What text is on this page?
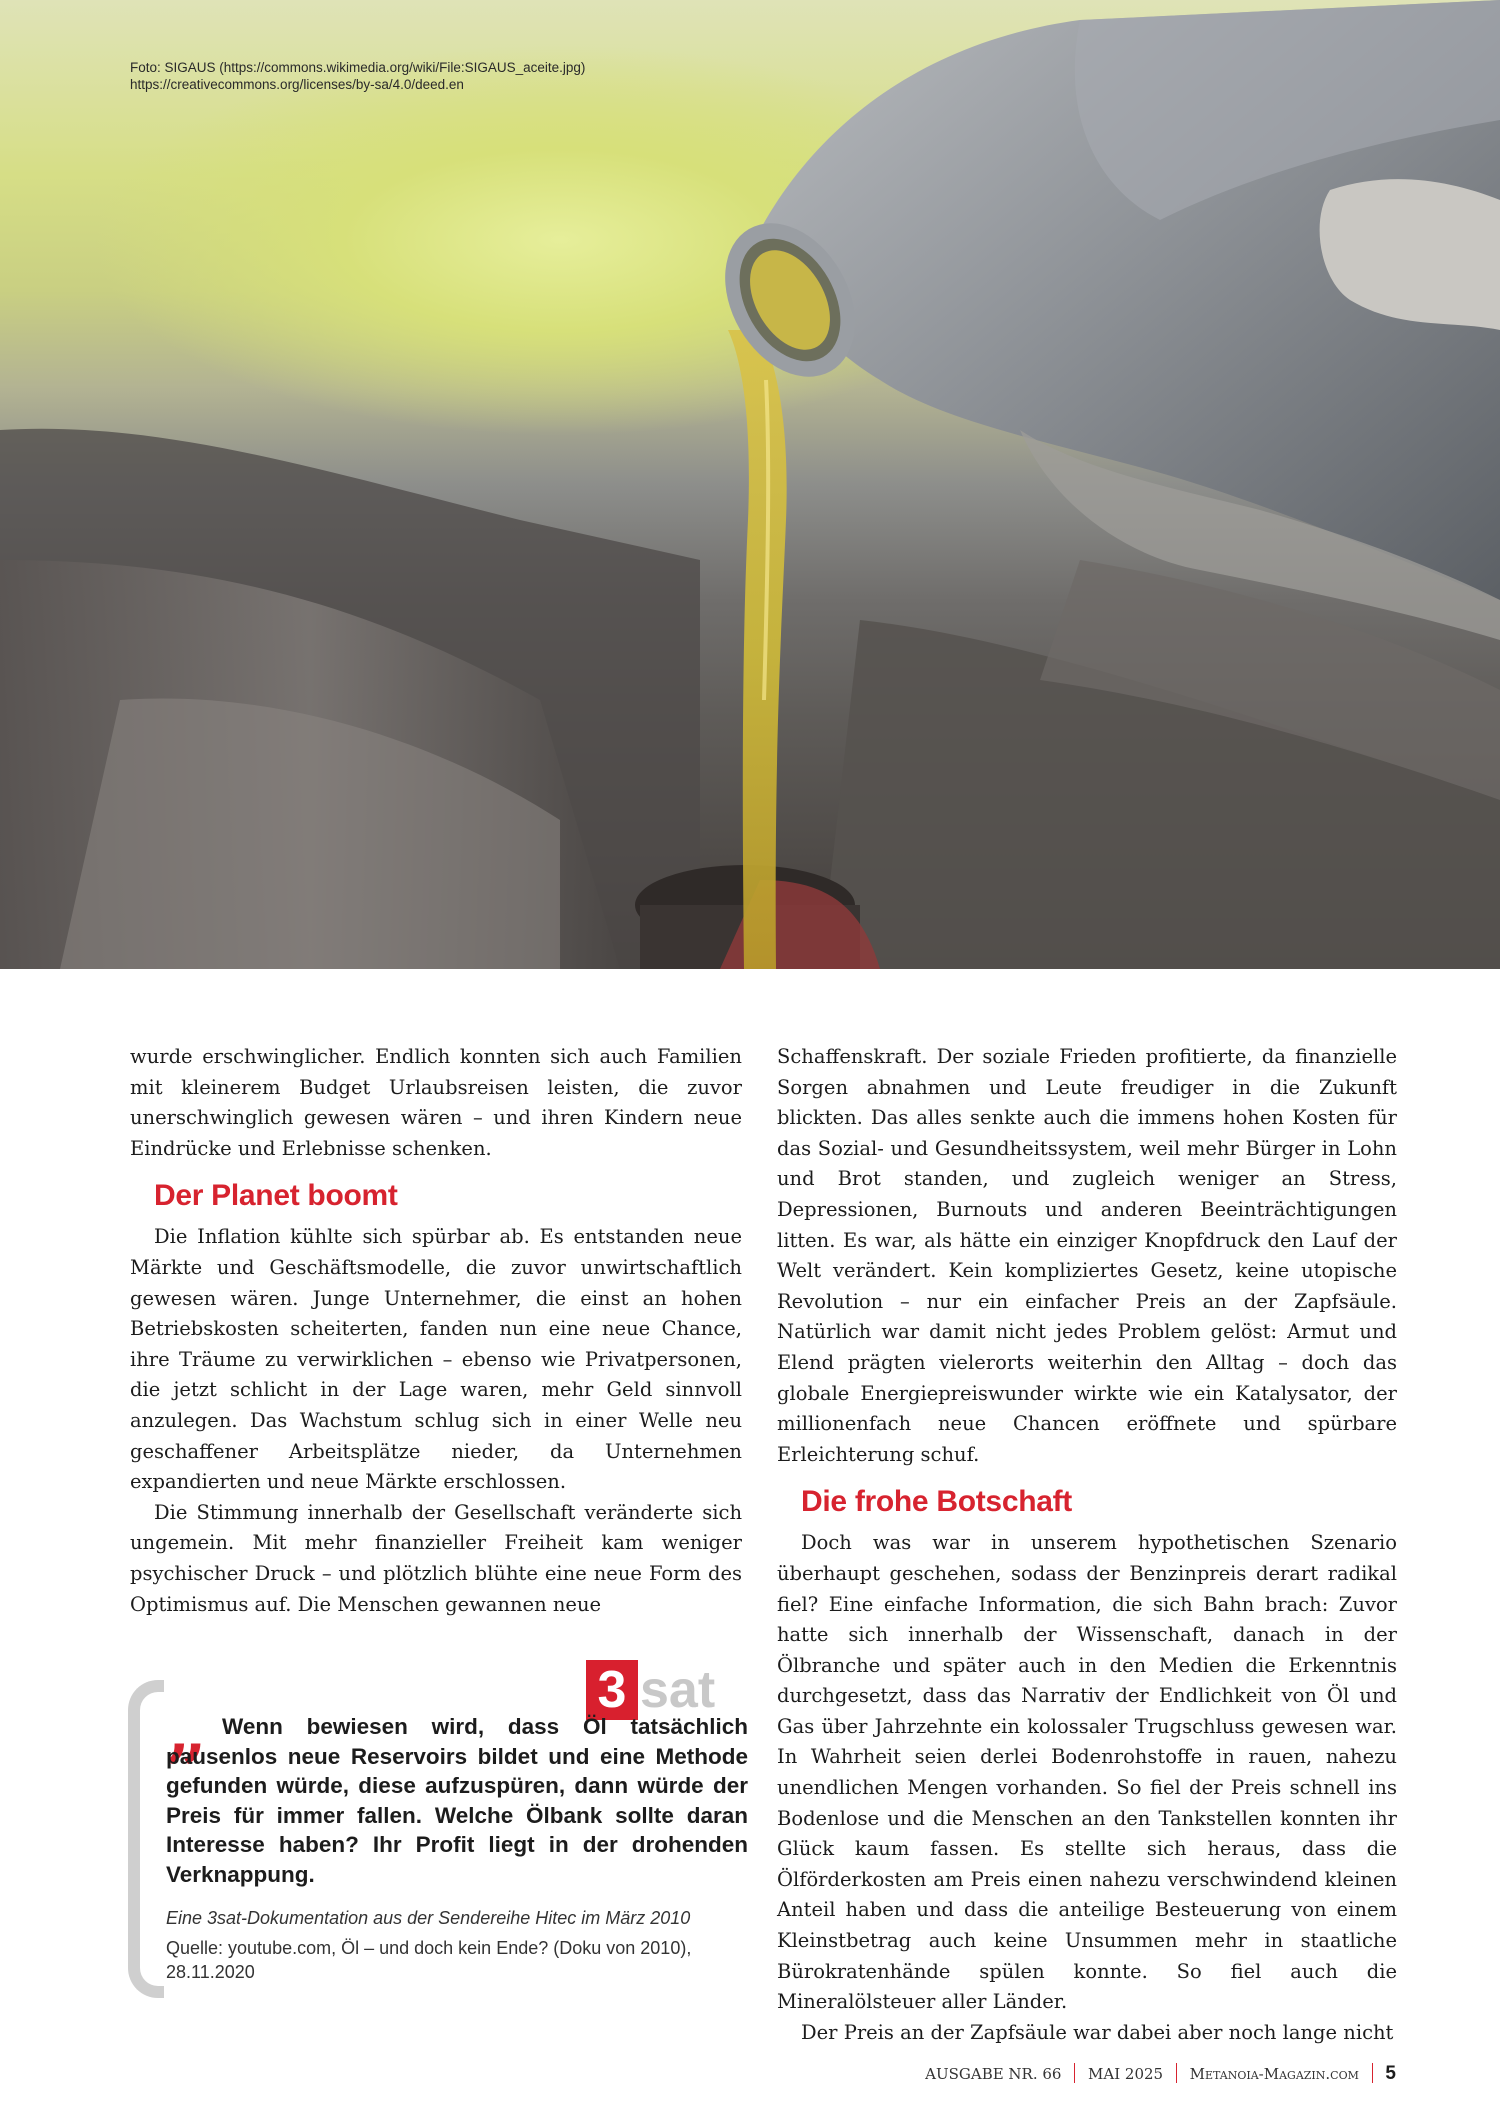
Foto: SIGAUS (https://commons.wikimedia.org/wiki/File:SIGAUS_aceite.jpg)
https://creativecommons.org/licenses/by-sa/4.0/deed.en

wurde erschwinglicher. Endlich konnten sich auch Familien mit kleinerem Budget Urlaubsreisen leisten, die zuvor unerschwinglich gewesen wären – und ihren Kindern neue Eindrücke und Erlebnisse schenken.

Der Planet boomt

Die Inflation kühlte sich spürbar ab. Es entstanden neue Märkte und Geschäftsmodelle, die zuvor unwirtschaftlich gewesen wären. Junge Unternehmer, die einst an hohen Betriebskosten scheiterten, fanden nun eine neue Chance, ihre Träume zu verwirklichen – ebenso wie Privatpersonen, die jetzt schlicht in der Lage waren, mehr Geld sinnvoll anzulegen. Das Wachstum schlug sich in einer Welle neu geschaffener Arbeitsplätze nieder, da Unternehmen expandierten und neue Märkte erschlossen.

Die Stimmung innerhalb der Gesellschaft veränderte sich ungemein. Mit mehr finanzieller Freiheit kam weniger psychischer Druck – und plötzlich blühte eine neue Form des Optimismus auf. Die Menschen gewannen neue

3 sat
„ Wenn bewiesen wird, dass Öl tatsächlich pausenlos neue Reservoirs bildet und eine Methode gefunden würde, diese aufzuspüren, dann würde der Preis für immer fallen. Welche Ölbank sollte daran Interesse haben? Ihr Profit liegt in der drohenden Verknappung.

Eine 3sat-Dokumentation aus der Sendereihe Hitec im März 2010
Quelle: youtube.com, Öl – und doch kein Ende? (Doku von 2010), 28.11.2020

Schaffenskraft. Der soziale Frieden profitierte, da finanzielle Sorgen abnahmen und Leute freudiger in die Zukunft blickten. Das alles senkte auch die immens hohen Kosten für das Sozial- und Gesundheitssystem, weil mehr Bürger in Lohn und Brot standen, und zugleich weniger an Stress, Depressionen, Burnouts und anderen Beeinträchtigungen litten. Es war, als hätte ein einziger Knopfdruck den Lauf der Welt verändert. Kein kompliziertes Gesetz, keine utopische Revolution – nur ein einfacher Preis an der Zapfsäule. Natürlich war damit nicht jedes Problem gelöst: Armut und Elend prägten vielerorts weiterhin den Alltag – doch das globale Energiepreiswunder wirkte wie ein Katalysator, der millionenfach neue Chancen eröffnete und spürbare Erleichterung schuf.

Die frohe Botschaft

Doch was war in unserem hypothetischen Szenario überhaupt geschehen, sodass der Benzinpreis derart radikal fiel? Eine einfache Information, die sich Bahn brach: Zuvor hatte sich innerhalb der Wissenschaft, danach in der Ölbranche und später auch in den Medien die Erkenntnis durchgesetzt, dass das Narrativ der Endlichkeit von Öl und Gas über Jahrzehnte ein kolossaler Trugschluss gewesen war. In Wahrheit seien derlei Bodenrohstoffe in rauen, nahezu unendlichen Mengen vorhanden. So fiel der Preis schnell ins Bodenlose und die Menschen an den Tankstellen konnten ihr Glück kaum fassen. Es stellte sich heraus, dass die Ölförderkosten am Preis einen nahezu verschwindend kleinen Anteil haben und dass die anteilige Besteuerung von einem Kleinstbetrag auch keine Unsummen mehr in staatliche Bürokratenhände spülen konnte. So fiel auch die Mineralölsteuer aller Länder.

Der Preis an der Zapfsäule war dabei aber noch lange nicht

AUSGABE NR. 66 MAI 2025 Metanoia-Magazin.com 5
